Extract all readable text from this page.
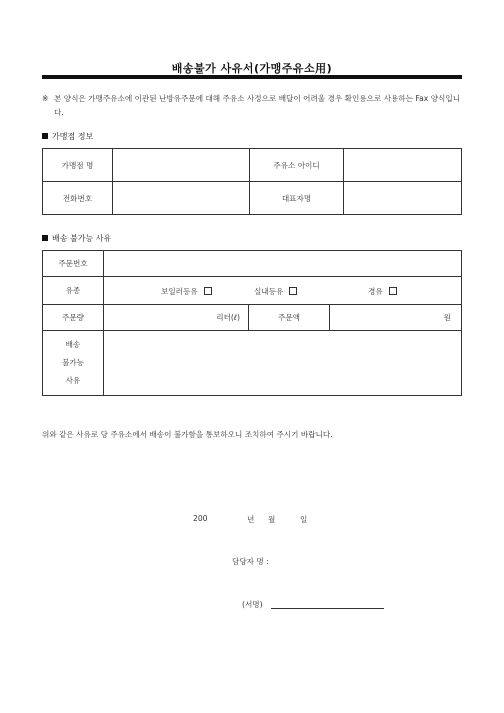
배송불가 사유서(가맹주유소用)
※ 본 양식은 가맹주유소에 이관된 난방유주문에 대해 주유소 사정으로 배달이 어려울 경우 확인용으로 사용하는 Fax 양식입니다.
가맹점 정보
가맹점 명		주유소 아이디	
전화번호		대표자명	
배송 불가능 사유
주문번호			
유종	보일러등유 실내등유 경유		

주문량	리터(ℓ)	주문액	원

배송
불가능
사유			

위와 같은 사유로 당 주유소에서 배송이 불가함을 통보하오니 조치하여 주시기 바랍니다.
200	년 월	일
담당자 명 :
(서명)
